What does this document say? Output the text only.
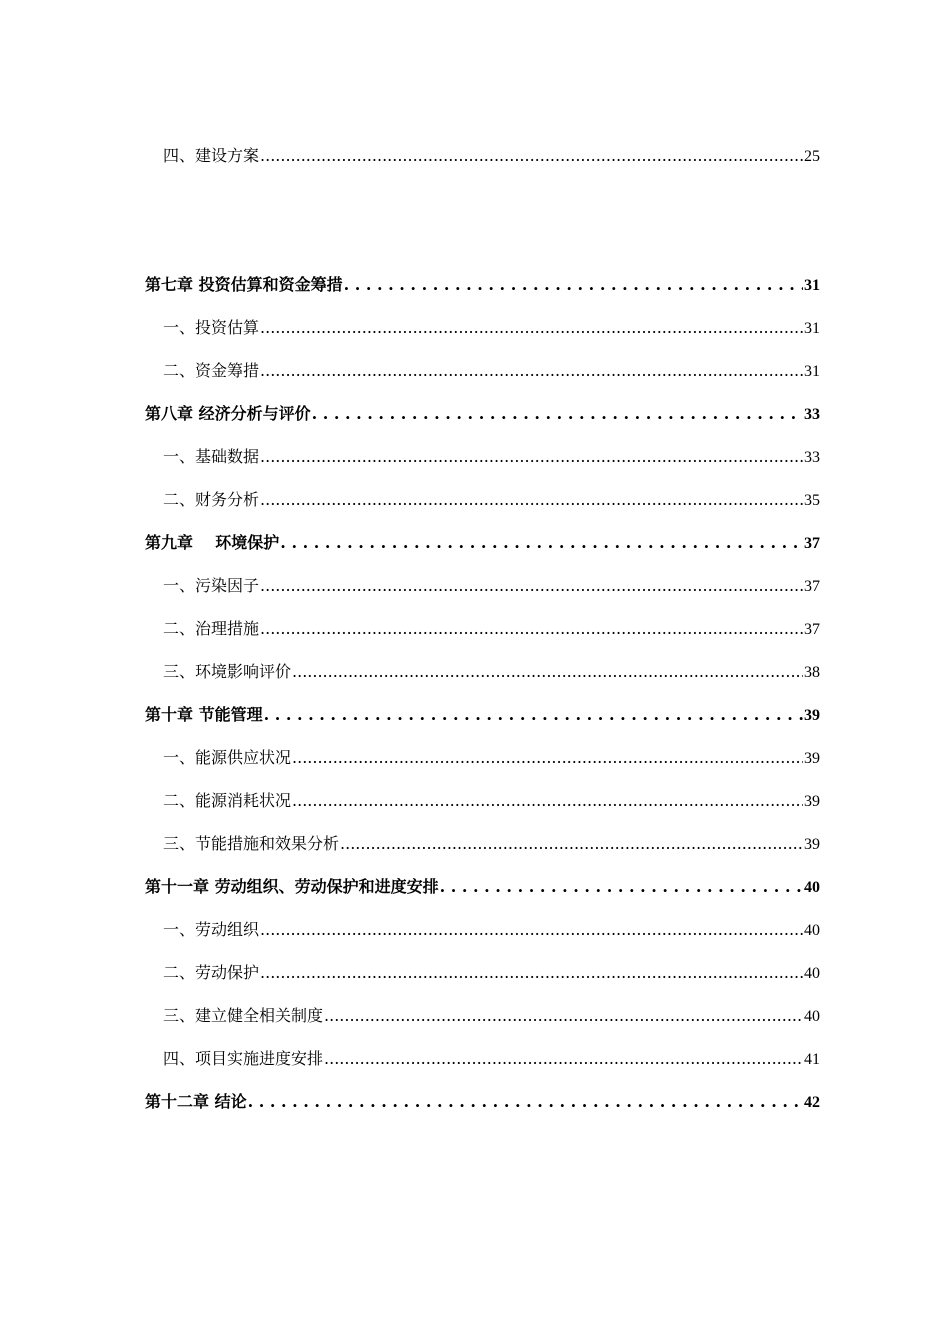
四、建设方案 .....	25
第七章 投资估算和资金筹措 . . .	31
一、投资估算 .....	31
二、资金筹措 .....	31
第八章 经济分析与评价 . . .	33
一、基础数据 .....	33
二、财务分析 .....	35
第九章    环境保护 . . .	37
一、污染因子 .....	37
二、治理措施 .....	37
三、环境影响评价 .....	38
第十章 节能管理 . . .	39
一、能源供应状况 .....	39
二、能源消耗状况 .....	39
三、节能措施和效果分析 .....	39
第十一章 劳动组织、劳动保护和进度安排 . . .	40
一、劳动组织 .....	40
二、劳动保护 .....	40
三、建立健全相关制度 .....	40
四、项目实施进度安排 .....	41
第十二章 结论 . . .	42
